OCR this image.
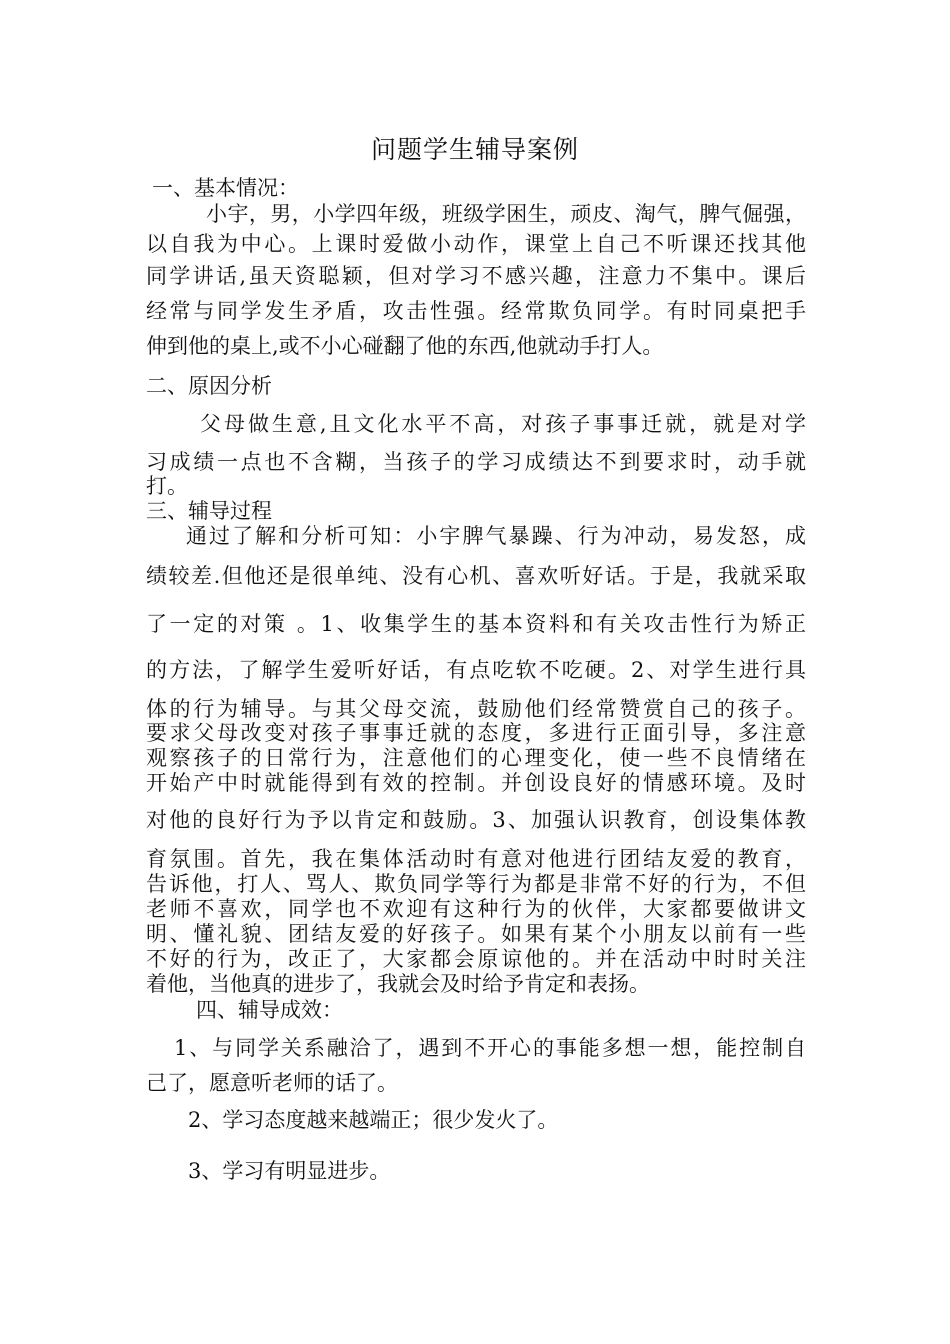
问题学生辅导案例
一、基本情况：
小宇，男，小学四年级，班级学困生，顽皮、淘气，脾气倔强，
以自我为中心。上课时爱做小动作，课堂上自己不听课还找其他
同学讲话,虽天资聪颖，但对学习不感兴趣，注意力不集中。课后
经常与同学发生矛盾，攻击性强。经常欺负同学。有时同桌把手
伸到他的桌上,或不小心碰翻了他的东西,他就动手打人。
二、原因分析
父母做生意,且文化水平不高，对孩子事事迁就，就是对学
习成绩一点也不含糊，当孩子的学习成绩达不到要求时，动手就
打。
三、辅导过程
通过了解和分析可知：小宇脾气暴躁、行为冲动，易发怒，成
绩较差.但他还是很单纯、没有心机、喜欢听好话。于是，我就采取
了一定的对策 。1、收集学生的基本资料和有关攻击性行为矫正
的方法，了解学生爱听好话，有点吃软不吃硬。2、对学生进行具
体的行为辅导。与其父母交流，鼓励他们经常赞赏自己的孩子。
要求父母改变对孩子事事迁就的态度，多进行正面引导，多注意
观察孩子的日常行为，注意他们的心理变化，使一些不良情绪在
开始产中时就能得到有效的控制。并创设良好的情感环境。及时
对他的良好行为予以肯定和鼓励。3、加强认识教育，创设集体教
育氛围。首先，我在集体活动时有意对他进行团结友爱的教育，
告诉他，打人、骂人、欺负同学等行为都是非常不好的行为，不但
老师不喜欢，同学也不欢迎有这种行为的伙伴，大家都要做讲文
明、懂礼貌、团结友爱的好孩子。如果有某个小朋友以前有一些
不好的行为，改正了，大家都会原谅他的。并在活动中时时关注
着他，当他真的进步了，我就会及时给予肯定和表扬。
四、辅导成效：
1、与同学关系融洽了，遇到不开心的事能多想一想，能控制自
己了，愿意听老师的话了。
2、学习态度越来越端正；很少发火了。
3、学习有明显进步。
